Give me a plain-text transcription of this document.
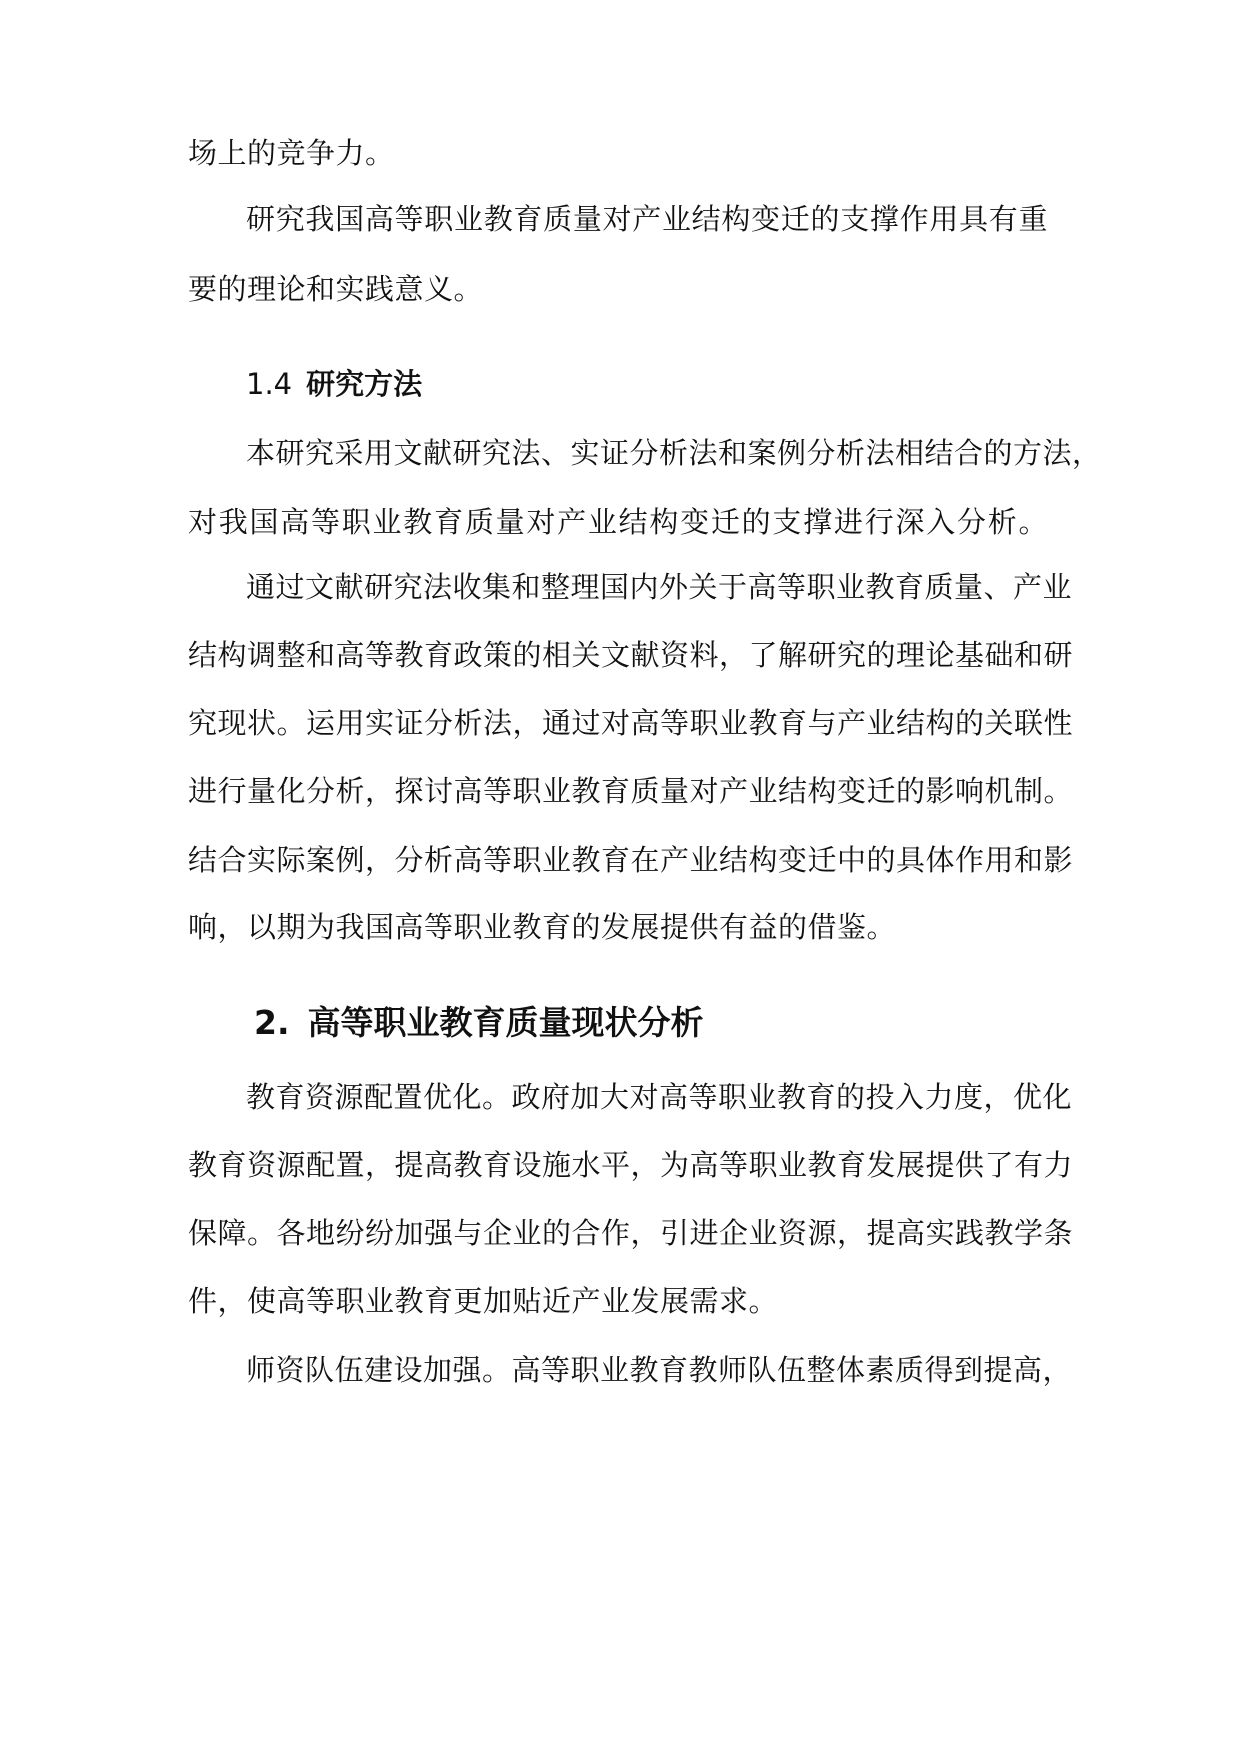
场上的竞争力。
研究我国高等职业教育质量对产业结构变迁的支撑作用具有重
要的理论和实践意义。
1.4 研究方法
本研究采用文献研究法、实证分析法和案例分析法相结合的方法，
对我国高等职业教育质量对产业结构变迁的支撑进行深入分析。
通过文献研究法收集和整理国内外关于高等职业教育质量、产业
结构调整和高等教育政策的相关文献资料，了解研究的理论基础和研
究现状。运用实证分析法，通过对高等职业教育与产业结构的关联性
进行量化分析，探讨高等职业教育质量对产业结构变迁的影响机制。
结合实际案例，分析高等职业教育在产业结构变迁中的具体作用和影
响，以期为我国高等职业教育的发展提供有益的借鉴。
2. 高等职业教育质量现状分析
教育资源配置优化。政府加大对高等职业教育的投入力度，优化
教育资源配置，提高教育设施水平，为高等职业教育发展提供了有力
保障。各地纷纷加强与企业的合作，引进企业资源，提高实践教学条
件，使高等职业教育更加贴近产业发展需求。
师资队伍建设加强。高等职业教育教师队伍整体素质得到提高，
